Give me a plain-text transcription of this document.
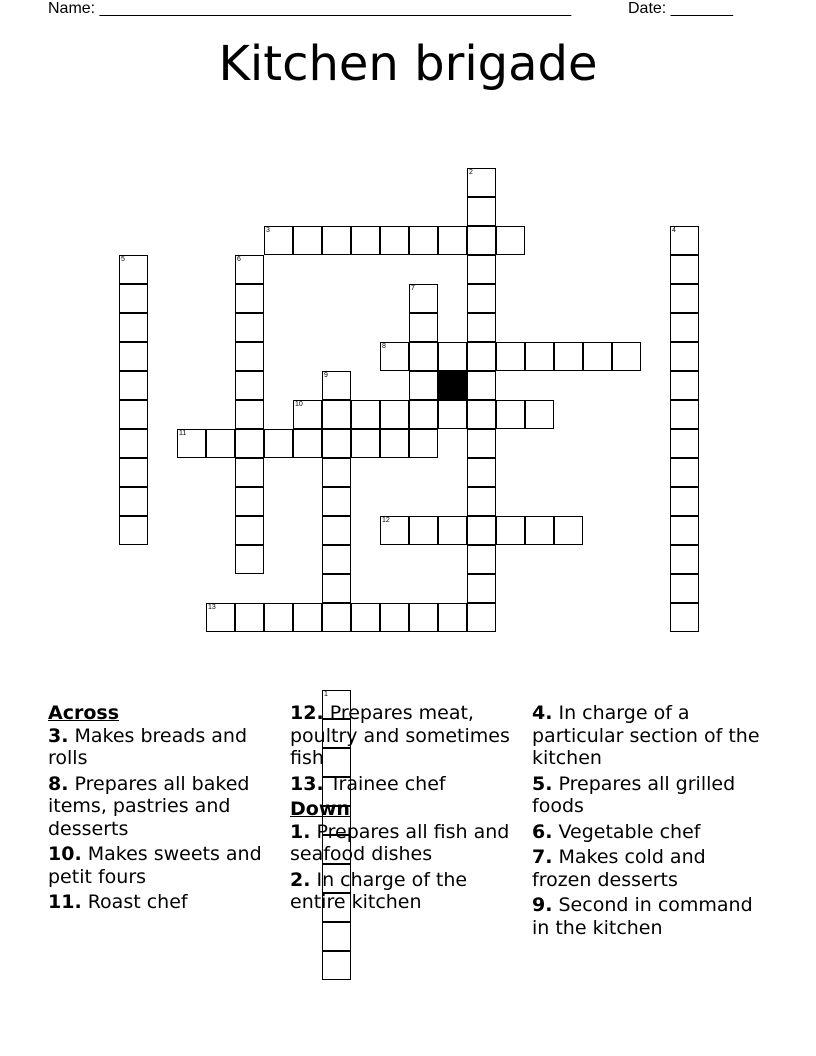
Name: _____________________________________________________	Date: _______
Kitchen brigade
1
2
3	4
5	6
7
8
9
10
11
12
13
Across
3. Makes breads and rolls
8. Prepares all baked items, pastries and desserts
10. Makes sweets and petit fours
11. Roast chef
12. Prepares meat, poultry and sometimes fish
13. Trainee chef
Down
1. Prepares all fish and seafood dishes
2. In charge of the entire kitchen
4. In charge of a particular section of the kitchen
5. Prepares all grilled foods
6. Vegetable chef
7. Makes cold and frozen desserts
9. Second in command in the kitchen
